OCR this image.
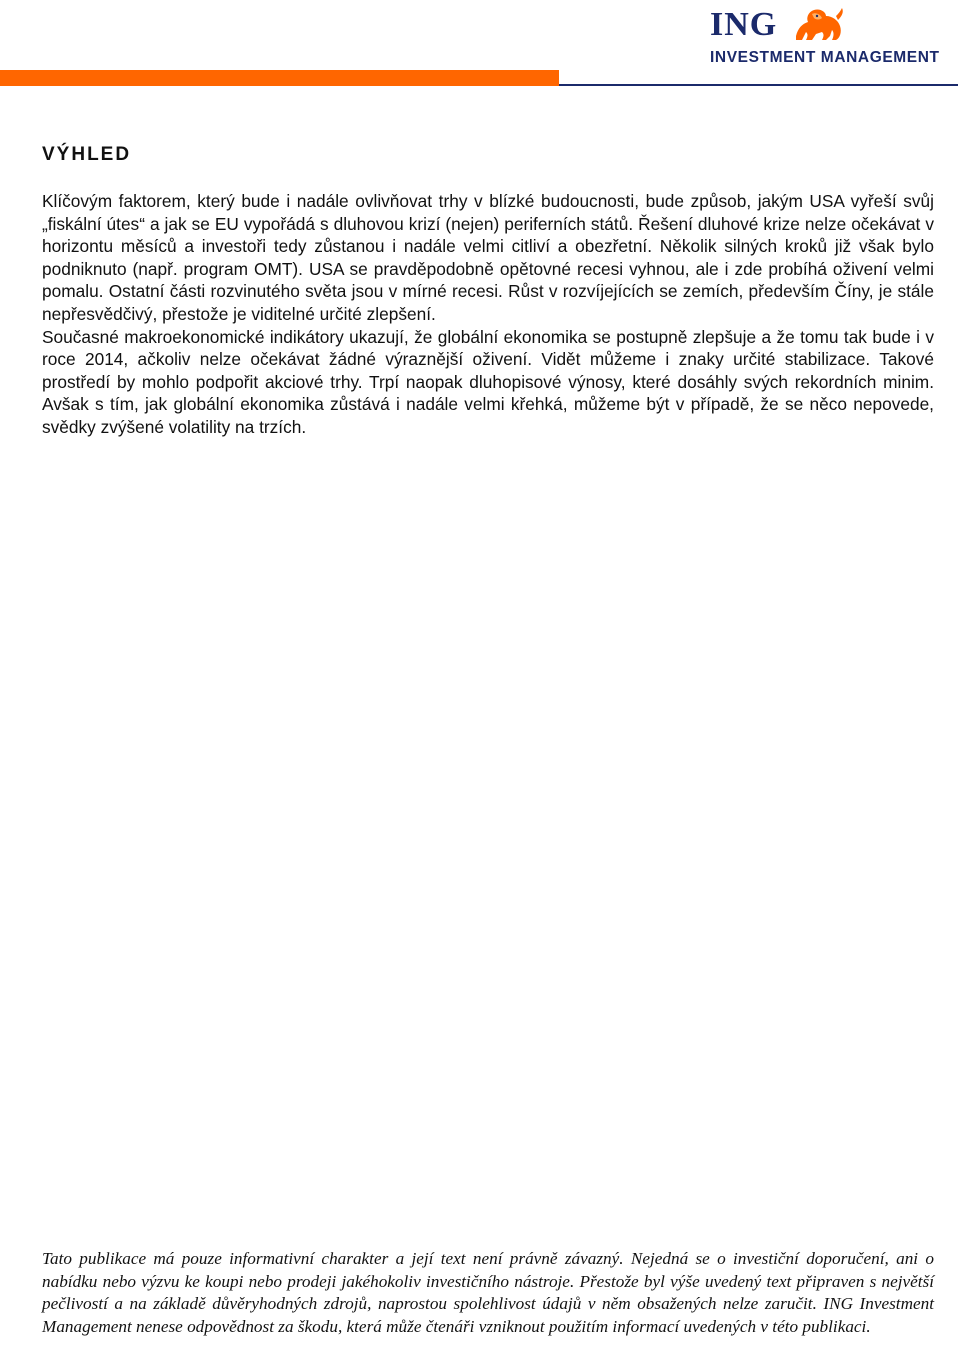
ING
INVESTMENT MANAGEMENT
VÝHLED

Klíčovým faktorem, který bude i nadále ovlivňovat trhy v blízké budoucnosti, bude způsob, jakým USA vyřeší svůj „fiskální útes“ a jak se EU vypořádá s dluhovou krizí (nejen) periferních států. Řešení dluhové krize nelze očekávat v horizontu měsíců a investoři tedy zůstanou i nadále velmi citliví a obezřetní. Několik silných kroků již však bylo podniknuto (např. program OMT). USA se pravděpodobně opětovné recesi vyhnou, ale i zde probíhá oživení velmi pomalu. Ostatní části rozvinutého světa jsou v mírné recesi. Růst v rozvíjejících se zemích, především Číny, je stále nepřesvědčivý, přestože je viditelné určité zlepšení.

Současné makroekonomické indikátory ukazují, že globální ekonomika se postupně zlepšuje a že tomu tak bude i v roce 2014, ačkoliv nelze očekávat žádné výraznější oživení. Vidět můžeme i znaky určité stabilizace. Takové prostředí by mohlo podpořit akciové trhy. Trpí naopak dluhopisové výnosy, které dosáhly svých rekordních minim. Avšak s tím, jak globální ekonomika zůstává i nadále velmi křehká, můžeme být v případě, že se něco nepovede, svědky zvýšené volatility na trzích.

Tato publikace má pouze informativní charakter a její text není právně závazný. Nejedná se o investiční doporučení, ani o nabídku nebo výzvu ke koupi nebo prodeji jakéhokoliv investičního nástroje. Přestože byl výše uvedený text připraven s největší pečlivostí a na základě důvěryhodných zdrojů, naprostou spolehlivost údajů v něm obsažených nelze zaručit. ING Investment Management nenese odpovědnost za škodu, která může čtenáři vzniknout použitím informací uvedených v této publikaci.
